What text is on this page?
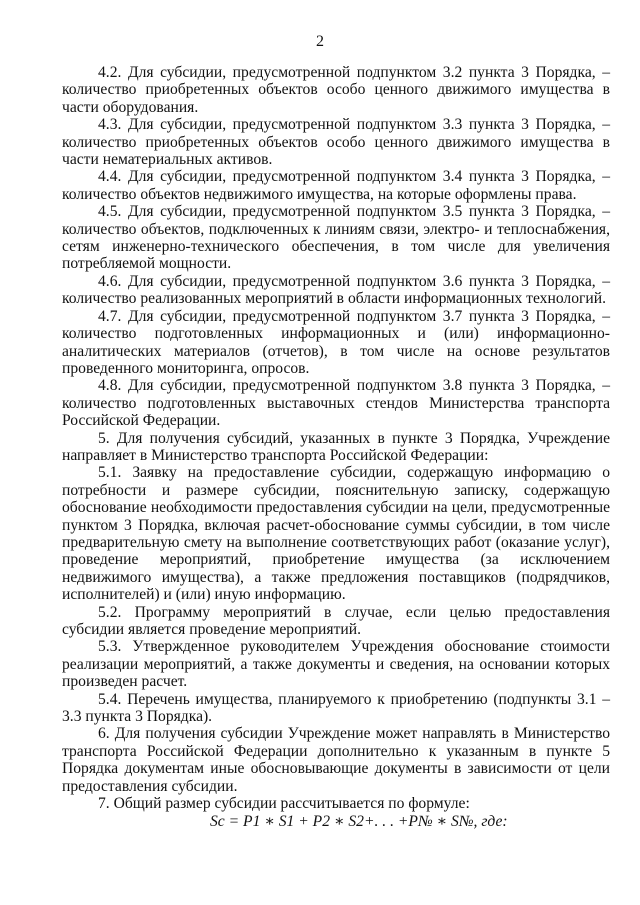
2

4.2. Для субсидии, предусмотренной подпунктом 3.2 пункта 3 Порядка, – количество приобретенных объектов особо ценного движимого имущества в части оборудования.

4.3. Для субсидии, предусмотренной подпунктом 3.3 пункта 3 Порядка, – количество приобретенных объектов особо ценного движимого имущества в части нематериальных активов.

4.4. Для субсидии, предусмотренной подпунктом 3.4 пункта 3 Порядка, – количество объектов недвижимого имущества, на которые оформлены права.

4.5. Для субсидии, предусмотренной подпунктом 3.5 пункта 3 Порядка, – количество объектов, подключенных к линиям связи, электро- и теплоснабжения, сетям инженерно-технического обеспечения, в том числе для увеличения потребляемой мощности.

4.6. Для субсидии, предусмотренной подпунктом 3.6 пункта 3 Порядка, – количество реализованных мероприятий в области информационных технологий.

4.7. Для субсидии, предусмотренной подпунктом 3.7 пункта 3 Порядка, – количество подготовленных информационных и (или) информационно-аналитических материалов (отчетов), в том числе на основе результатов проведенного мониторинга, опросов.

4.8. Для субсидии, предусмотренной подпунктом 3.8 пункта 3 Порядка, – количество подготовленных выставочных стендов Министерства транспорта Российской Федерации.

5. Для получения субсидий, указанных в пункте 3 Порядка, Учреждение направляет в Министерство транспорта Российской Федерации:

5.1. Заявку на предоставление субсидии, содержащую информацию о потребности и размере субсидии, пояснительную записку, содержащую обоснование необходимости предоставления субсидии на цели, предусмотренные пунктом 3 Порядка, включая расчет-обоснование суммы субсидии, в том числе предварительную смету на выполнение соответствующих работ (оказание услуг), проведение мероприятий, приобретение имущества (за исключением недвижимого имущества), а также предложения поставщиков (подрядчиков, исполнителей) и (или) иную информацию.

5.2. Программу мероприятий в случае, если целью предоставления субсидии является проведение мероприятий.

5.3. Утвержденное руководителем Учреждения обоснование стоимости реализации мероприятий, а также документы и сведения, на основании которых произведен расчет.

5.4. Перечень имущества, планируемого к приобретению (подпункты 3.1 – 3.3 пункта 3 Порядка).

6. Для получения субсидии Учреждение может направлять в Министерство транспорта Российской Федерации дополнительно к указанным в пункте 5 Порядка документам иные обосновывающие документы в зависимости от цели предоставления субсидии.

7. Общий размер субсидии рассчитывается по формуле:

Sc = P1 ∗ S1 + P2 ∗ S2+. . . +P№ ∗ S№, где:
